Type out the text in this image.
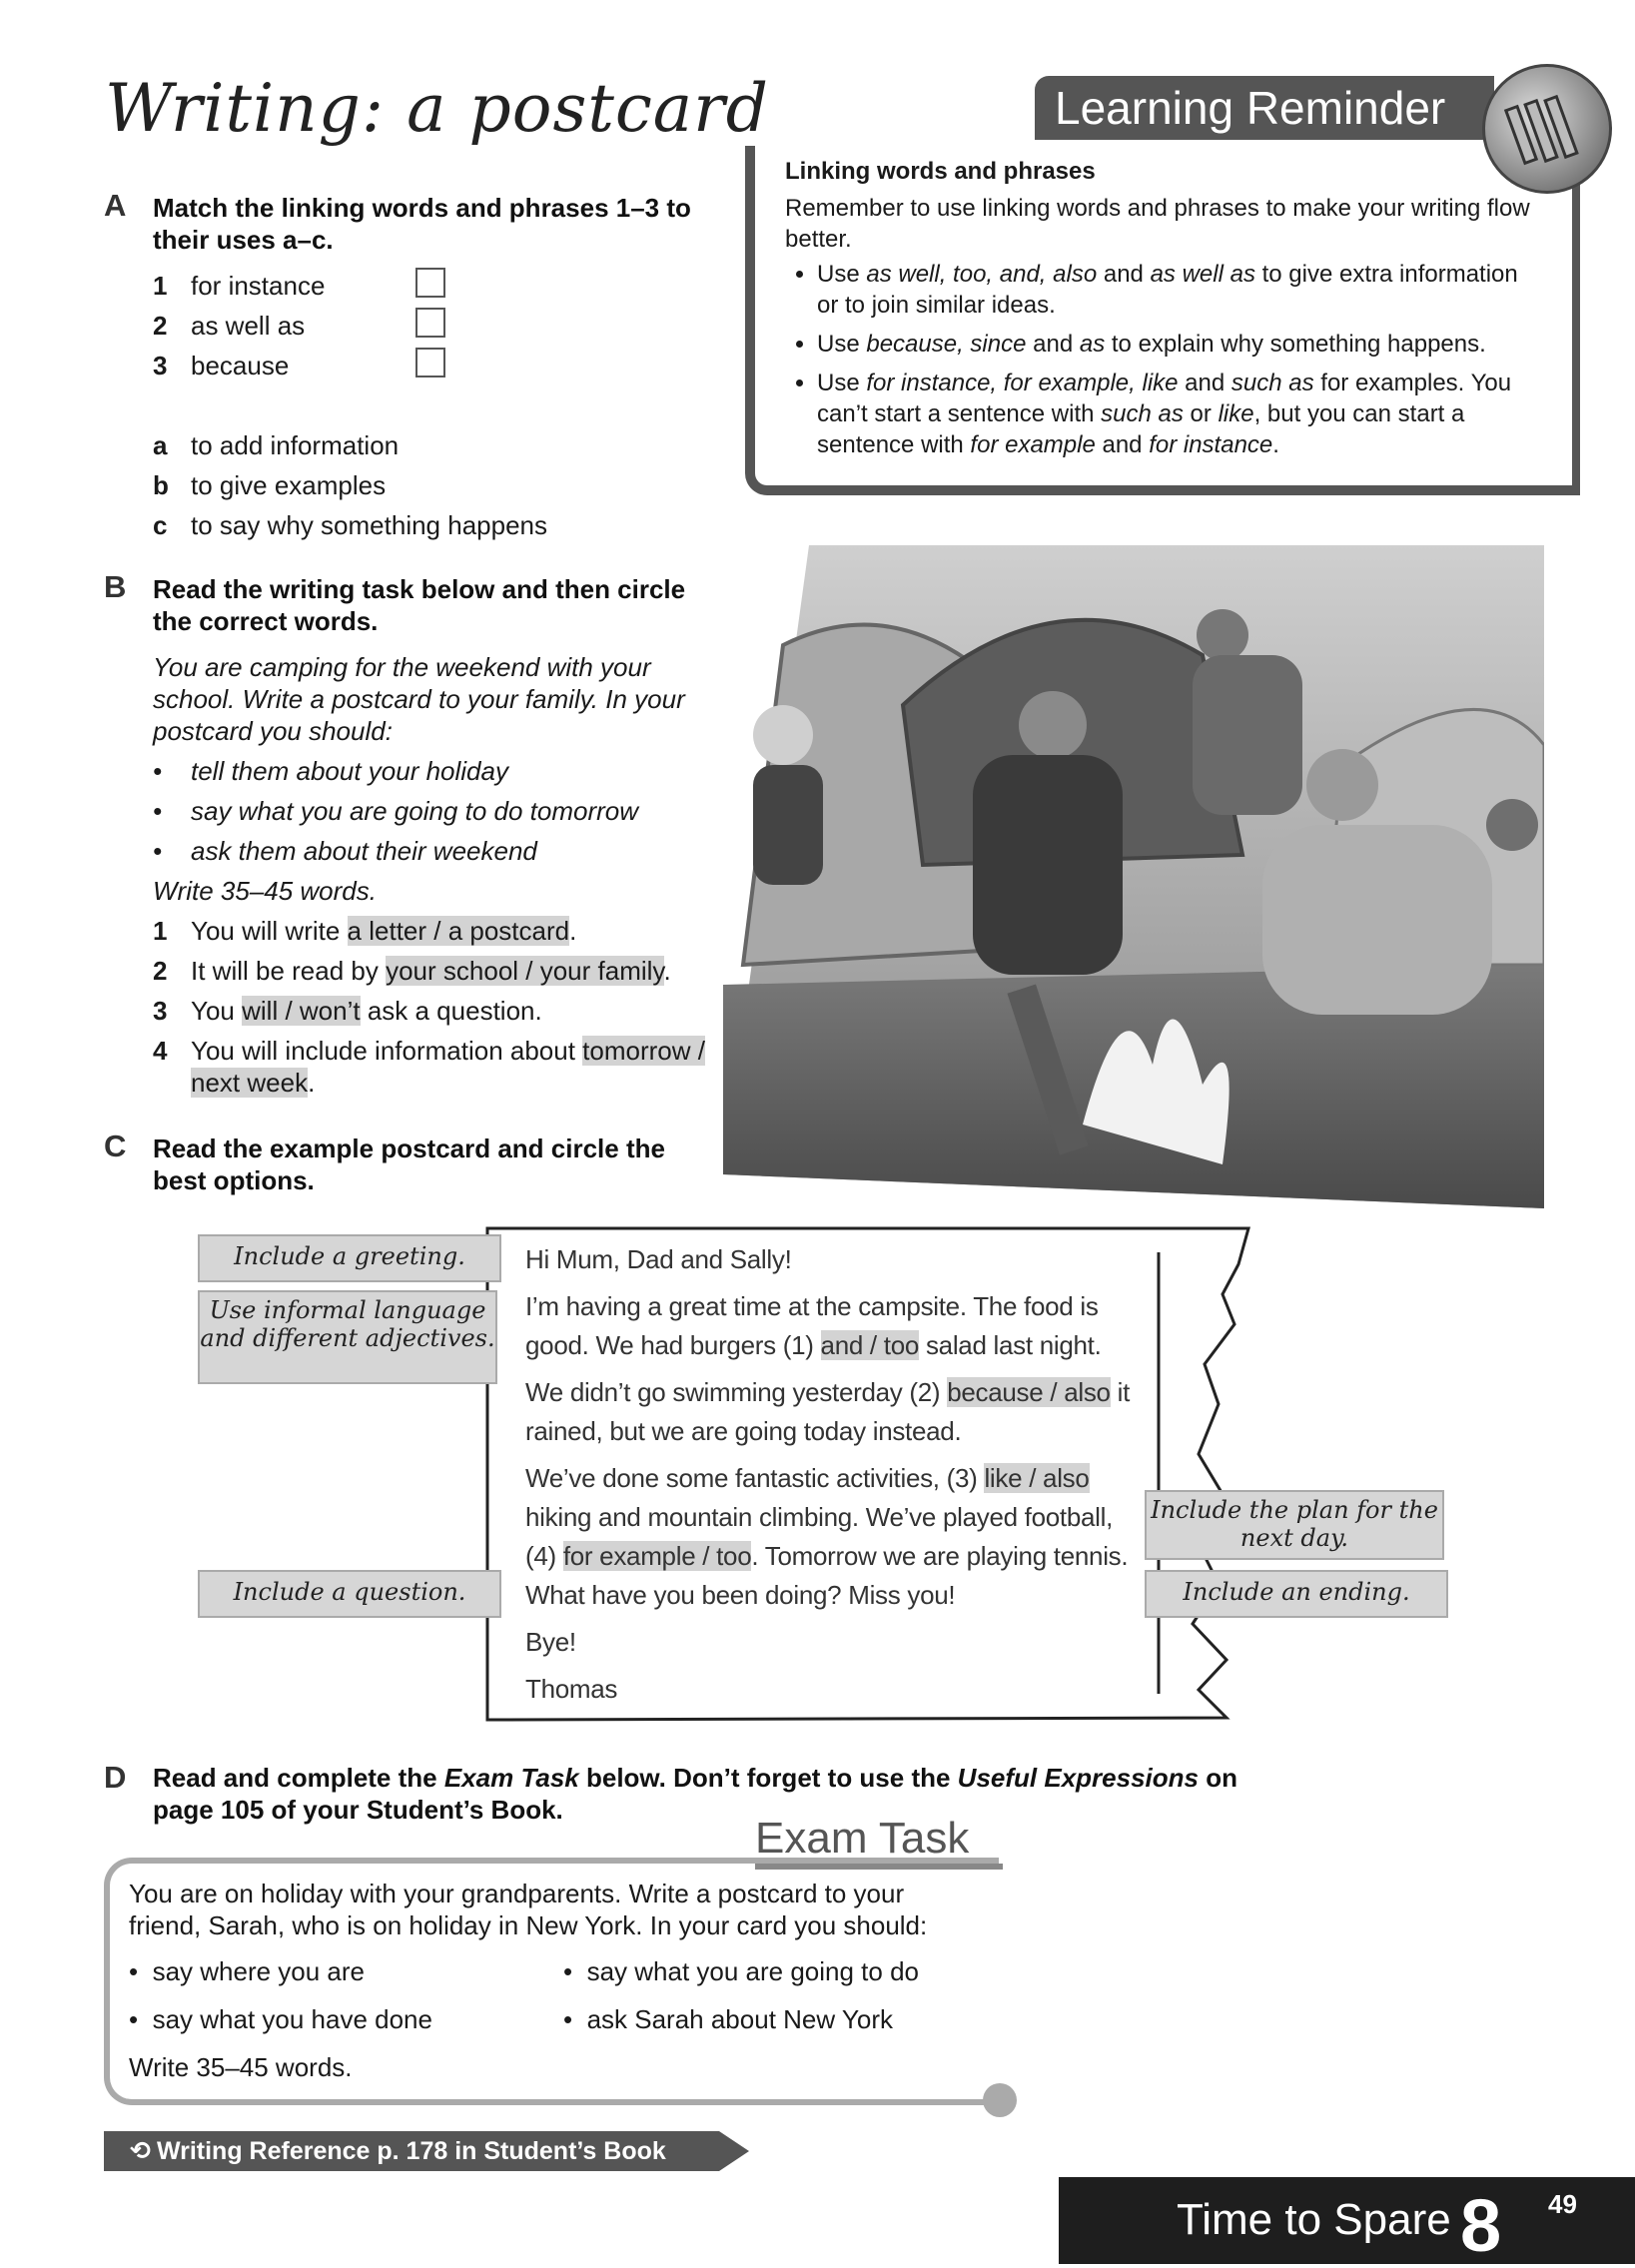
Writing: a postcard
A Match the linking words and phrases 1–3 to their uses a–c.
1 for instance
2 as well as
3 because
a to add information
b to give examples
c to say why something happens
Learning Reminder
Linking words and phrases
Remember to use linking words and phrases to make your writing flow better.
• Use as well, too, and, also and as well as to give extra information or to join similar ideas.
• Use because, since and as to explain why something happens.
• Use for instance, for example, like and such as for examples. You can’t start a sentence with such as or like, but you can start a sentence with for example and for instance.
B Read the writing task below and then circle the correct words.
You are camping for the weekend with your school. Write a postcard to your family. In your postcard you should:
•    tell them about your holiday
•    say what you are going to do tomorrow
•    ask them about their weekend
Write 35–45 words.
1 You will write a letter / a postcard.
2 It will be read by your school / your family.
3 You will / won’t ask a question.
4 You will include information about tomorrow / next week.
C Read the example postcard and circle the best options.
Include a greeting.
Use informal language and different adjectives.
Include a question.
Include the plan for the next day.
Include an ending.
Hi Mum, Dad and Sally!
I’m having a great time at the campsite. The food is good. We had burgers (1) and / too salad last night.
We didn’t go swimming yesterday (2) because / also it rained, but we are going today instead.
We’ve done some fantastic activities, (3) like / also hiking and mountain climbing. We’ve played football, (4) for example / too. Tomorrow we are playing tennis. What have you been doing? Miss you!
Bye!
Thomas
D Read and complete the Exam Task below. Don’t forget to use the Useful Expressions on page 105 of your Student’s Book.
Exam Task
You are on holiday with your grandparents. Write a postcard to your friend, Sarah, who is on holiday in New York. In your card you should:
•  say where you are
•  say what you have done
Write 35–45 words.
•  say what you are going to do
•  ask Sarah about New York
⟲ Writing Reference p. 178 in Student’s Book
Time to Spare 8 49
